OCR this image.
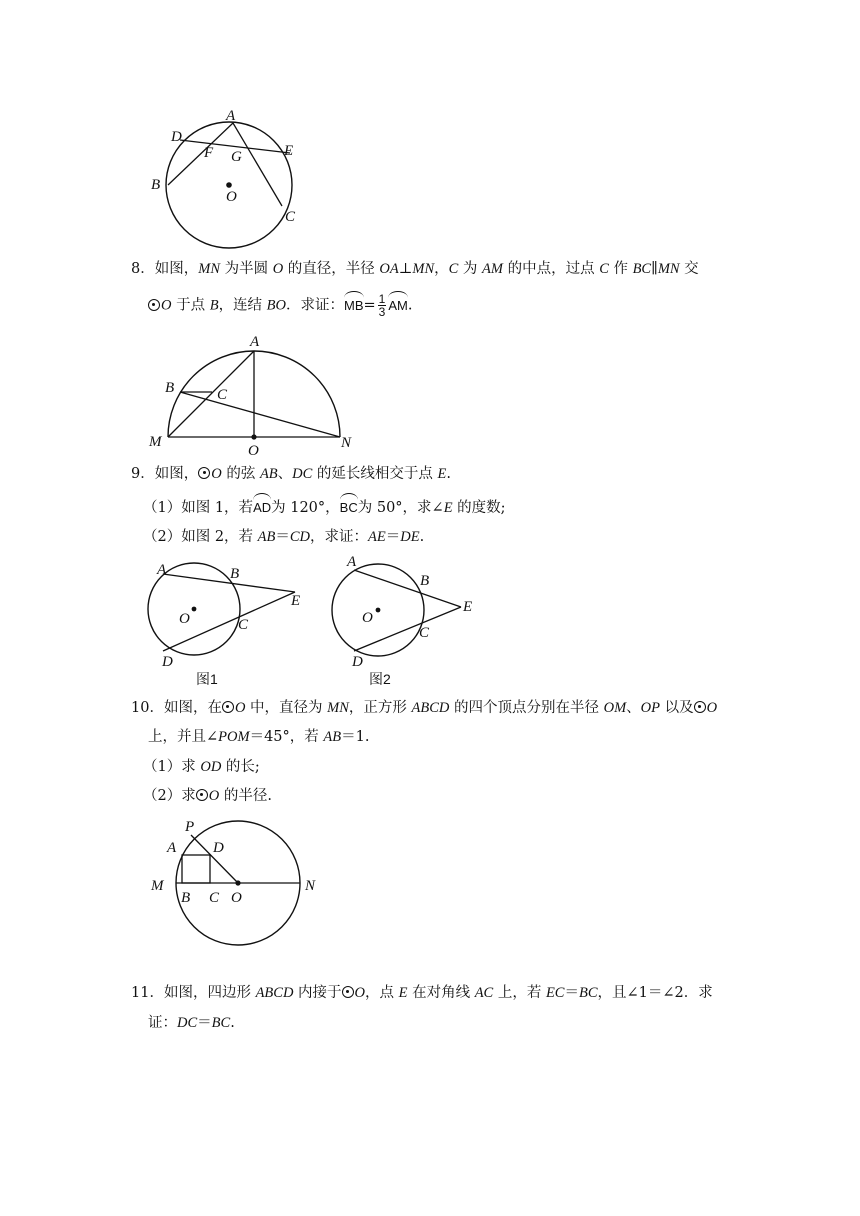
A
D
F G	E
B
O
C
8．如图，MN 为半圆 O 的直径，半径 OA⊥MN，C 为 AM 的中点，过点 C 作 BC∥MN 交
O 于点 B，连结 BO．求证：$MB= \frac{1}{3}$ AM.
A
B	C
M
O	N
9．如图， O 的弦 AB、DC 的延长线相交于点 E.
（1）如图 1，若AD为 120°，BC为 50°，求∠E 的度数;
（2）如图 2，若 AB＝CD，求证：AE＝DE.
A	B
E
O	C
D
图1
A
B
E
O
C
D
图2
10．如图，在 O 中，直径为 MN，正方形 ABCD 的四个顶点分别在半径 OM、OP 以及 O
上，并且∠POM＝45°，若 AB＝1.
（1）求 OD 的长;
（2）求 O 的半径.
P
A D
M
B C O
N
11．如图，四边形 ABCD 内接于 O，点 E 在对角线 AC 上，若 EC＝BC，且∠1＝∠2．求
证：DC＝BC.
